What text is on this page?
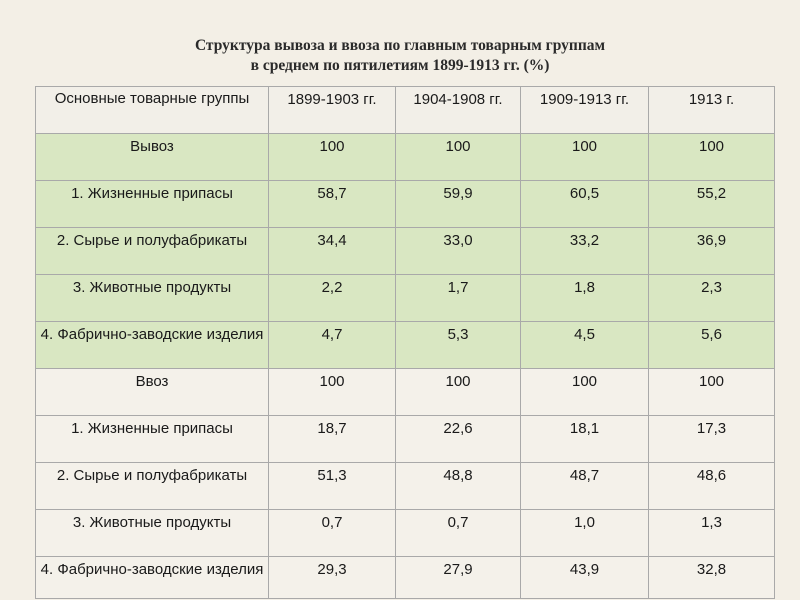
Структура вывоза и ввоза по главным товарным группам
в среднем по пятилетиям 1899-1913 гг. (%)
Основные товарные группы	1899-1903 гг.	1904-1908 гг.	1909-1913 гг.	1913 г.
Вывоз	100	100	100	100
1. Жизненные припасы	58,7	59,9	60,5	55,2
2. Сырье и полуфабрикаты	34,4	33,0	33,2	36,9
3. Животные продукты	2,2	1,7	1,8	2,3
4. Фабрично-заводские изделия	4,7	5,3	4,5	5,6
Ввоз	100	100	100	100
1. Жизненные припасы	18,7	22,6	18,1	17,3
2. Сырье и полуфабрикаты	51,3	48,8	48,7	48,6
3. Животные продукты	0,7	0,7	1,0	1,3
4. Фабрично-заводские изделия	29,3	27,9	43,9	32,8
